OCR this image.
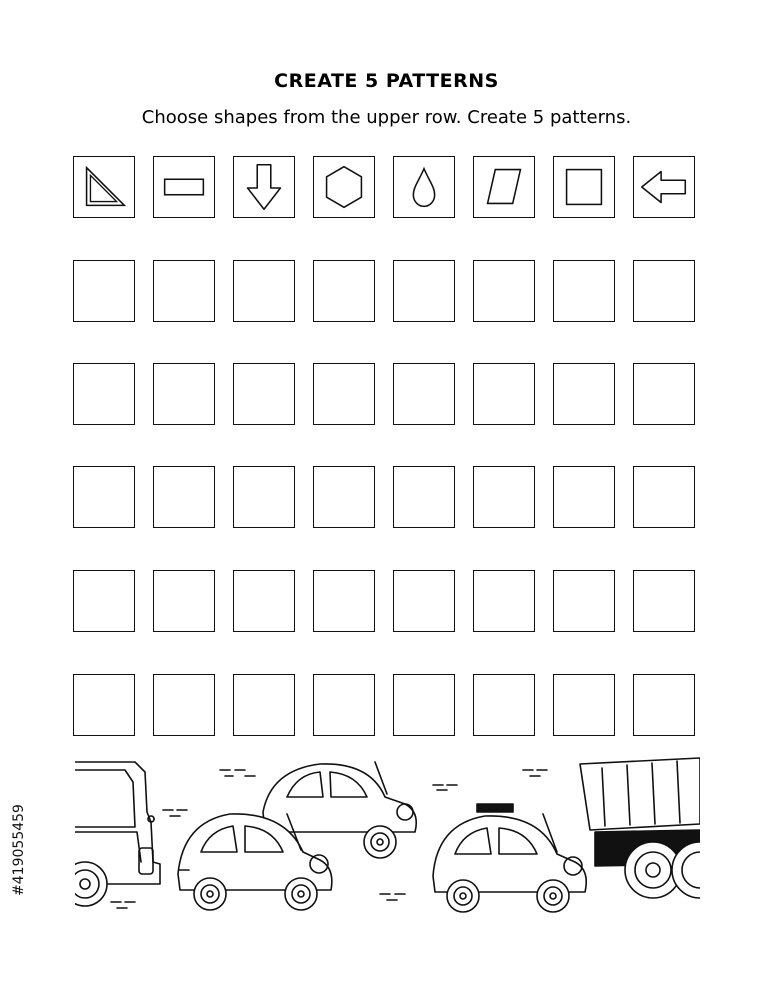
CREATE 5 PATTERNS
Choose shapes from the upper row. Create 5 patterns.
#419055459
